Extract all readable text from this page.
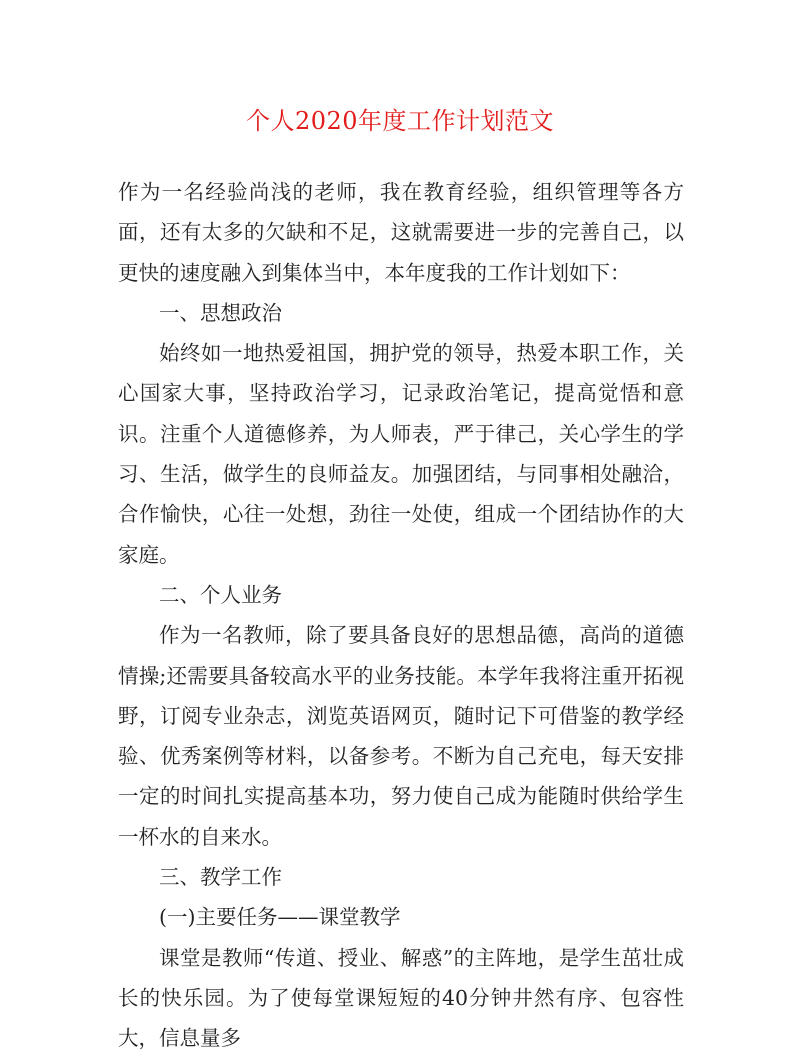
个人2020年度工作计划范文

作为一名经验尚浅的老师，我在教育经验，组织管理等各方面，还有太多的欠缺和不足，这就需要进一步的完善自己，以更快的速度融入到集体当中，本年度我的工作计划如下：

一、思想政治

始终如一地热爱祖国，拥护党的领导，热爱本职工作，关心国家大事，坚持政治学习，记录政治笔记，提高觉悟和意识。注重个人道德修养，为人师表，严于律己，关心学生的学习、生活，做学生的良师益友。加强团结，与同事相处融洽，合作愉快，心往一处想，劲往一处使，组成一个团结协作的大家庭。

二、个人业务

作为一名教师，除了要具备良好的思想品德，高尚的道德情操;还需要具备较高水平的业务技能。本学年我将注重开拓视野，订阅专业杂志，浏览英语网页，随时记下可借鉴的教学经验、优秀案例等材料，以备参考。不断为自己充电，每天安排一定的时间扎实提高基本功，努力使自己成为能随时供给学生一杯水的自来水。

三、教学工作

(一)主要任务——课堂教学

课堂是教师“传道、授业、解惑”的主阵地，是学生茁壮成长的快乐园。为了使每堂课短短的40分钟井然有序、包容性大，信息量多
